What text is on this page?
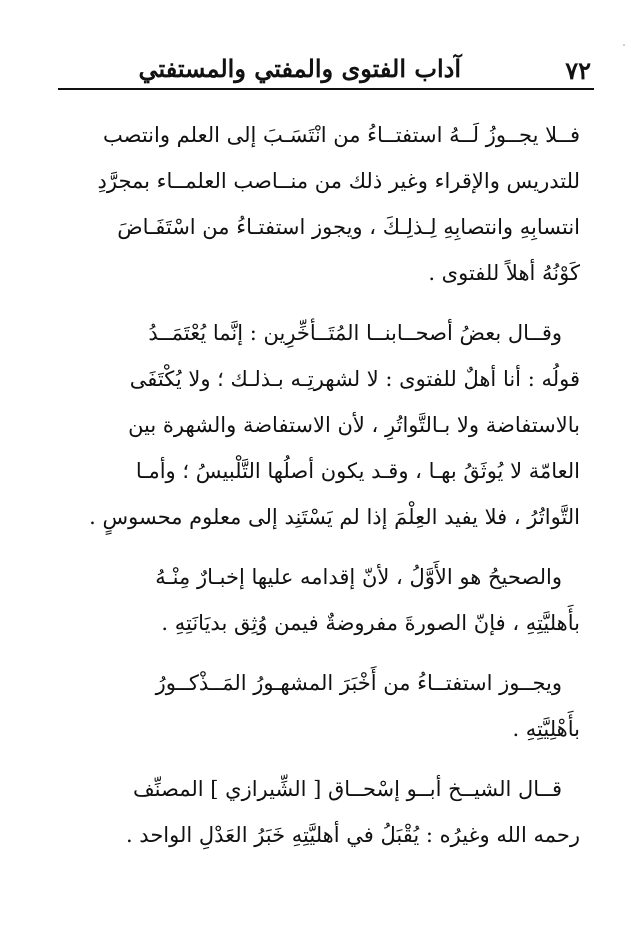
٧٢
آداب الفتوى والمفتي والمستفتي

فــلا يجــوزُ لَــهُ استفتــاءُ من انْتَسَـبَ إلى العلم وانتصب
للتدريس والإقراء وغير ذلك من منــاصب العلمــاء بمجرَّدِ
انتسابِهِ وانتصابِهِ لِـذلِـكَ ، ويجوز استفتـاءُ من اسْتَفَـاضَ
كَوْنُهُ أهلاً للفتوى .

وقــال بعضُ أصحــابنــا المُتَــأخِّرِين : إنَّما يُعْتَمَــدُ
قولُه : أنا أهلٌ للفتوى : لا لشهرتِـه بـذلـك ؛ ولا يُكْتَفَى
بالاستفاضة ولا بـالتَّواتُرِ ، لأن الاستفاضة والشهرة بين
العامّة لا يُوثَقُ بهـا ، وقـد يكون أصلُها التَّلْبيسُ ؛ وأمـا
التَّواتُرُ ، فلا يفيد العِلْمَ إذا لم يَسْتَنِد إلى معلوم محسوسٍ .

والصحيحُ هو الأَوَّلُ ، لأنّ إقدامه عليها إخبـارٌ مِنْـهُ
بأَهليَّتِهِ ، فإنّ الصورةَ مفروضةٌ فيمن وُثِق بديَانَتِهِ .

ويجــوز استفتــاءُ من أَخْبَرَ المشهـورُ المَــذْكــورُ
بأَهْلِيَّتِهِ .

قــال الشيــخ أبــو إسْحــاق [ الشِّيرازي ] المصنِّف
رحمه الله وغيرُه : يُقْبَلُ في أهليَّتِهِ خَبَرُ العَدْلِ الواحد .
